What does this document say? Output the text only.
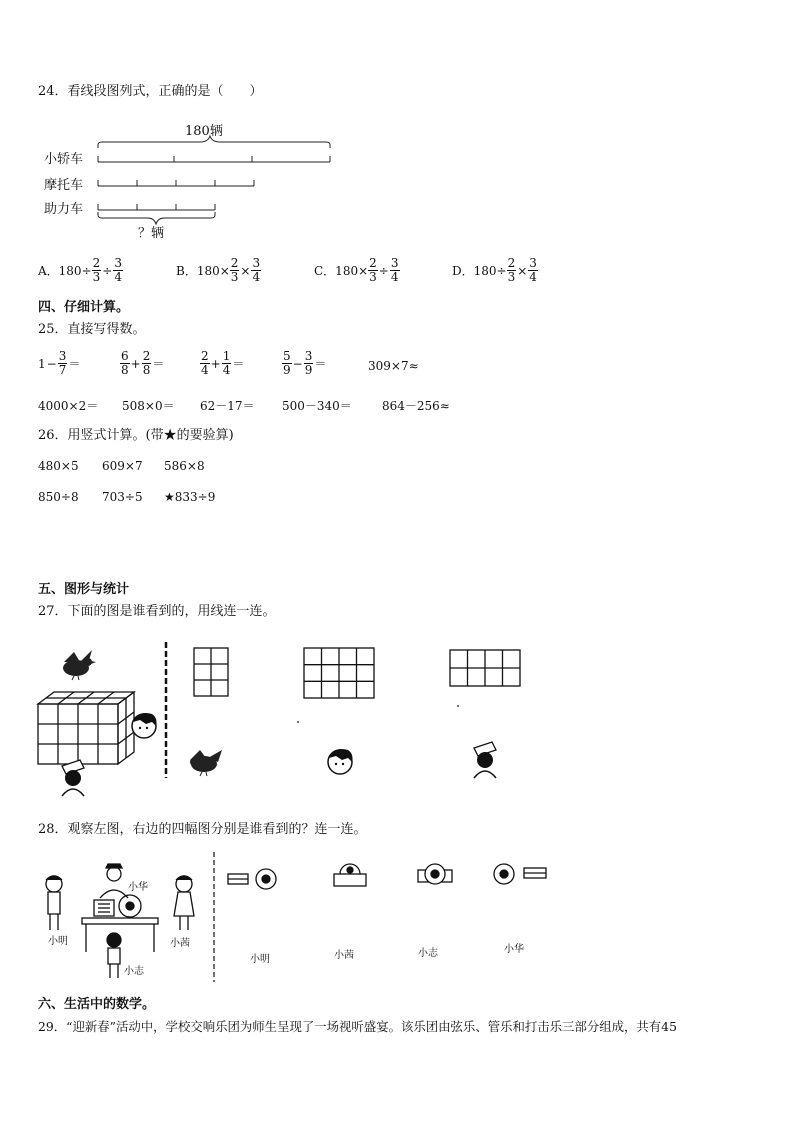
24．看线段图列式，正确的是（　　）
180辆
小轿车
摩托车
助力车
？辆
A．$180\div \frac{2}{3} \div \frac{3}{4}$	B．$180\times \frac{2}{3} \times \frac{3}{4}$	C．$180\times \frac{2}{3} \div \frac{3}{4}$	D．$180\div \frac{2}{3} \times \frac{3}{4}$
四、仔细计算。
25．直接写得数。
$1 - \frac{3}{7}$ ＝	$\frac{6}{8} + \frac{2}{8}$ ＝	$\frac{2}{4} + \frac{1}{4}$ ＝	$\frac{5}{9} - \frac{3}{9}$ ＝	309×7≈
4000×2＝ 508×0＝ 62－17＝ 500－340＝	864－256≈
26．用竖式计算。(带★的要验算)
480×5 609×7 586×8
850÷8 703÷5 ★833÷9
五、图形与统计
27．下面的图是谁看到的，用线连一连。
28．观察左图，右边的四幅图分别是谁看到的？连一连。
小华
小明	小茜
小志
小明	小茜	小志	小华
六、生活中的数学。
29．“迎新春”活动中，学校交响乐团为师生呈现了一场视听盛宴。该乐团由弦乐、管乐和打击乐三部分组成，共有45
